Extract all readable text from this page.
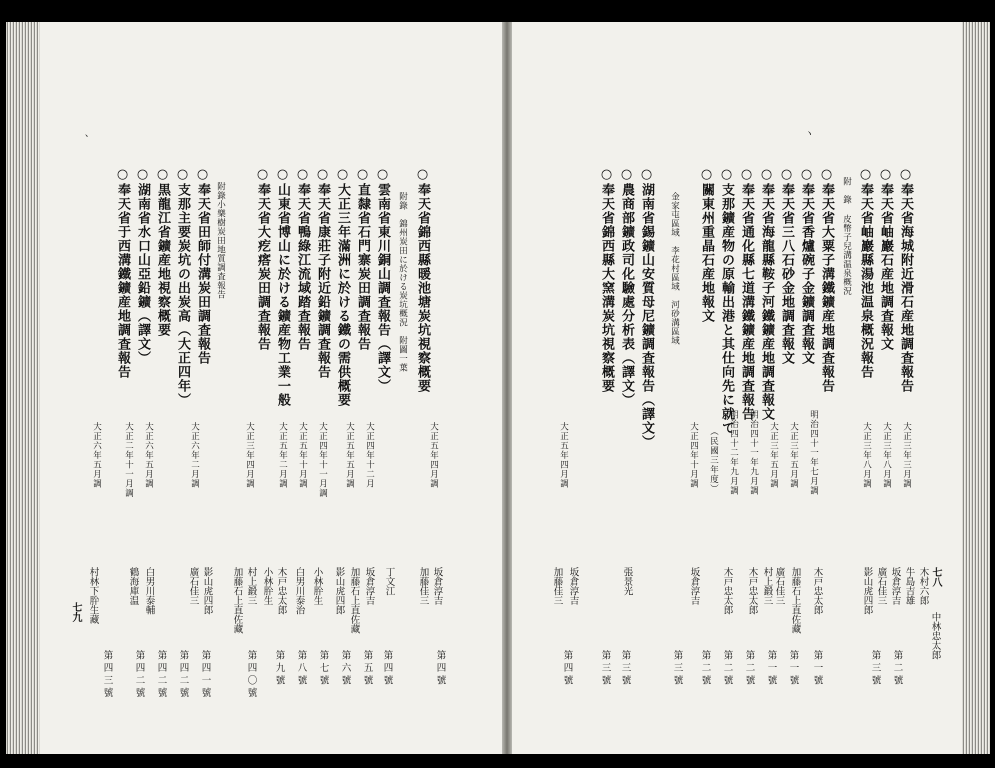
七八
ヽ
○奉天省海城附近滑石産地調査報告
○奉天省岫巖石産地調査報文
○奉天省岫巖縣湯池温泉概況報告
附　錄 皮幣子兒溝温泉概況
○奉天省大粟子溝鐵鑛産地調査報告
○奉天省香爐碗子金鑛調査報文
○奉天省三八石砂金地調査報文
○奉天省海龍縣鞍子河鐵鑛産地調査報文
○奉天省通化縣七道溝鐵鑛産地調査報告
○支那鑛産物の原輸出港と其仕向先に就て
○關東州重晶石産地報文
金家屯區域　李花村區域　河砂溝區域
○湖南省錫鑛山安質母尼鑛調査報告（譯文）
○農商部鑛政司化驗處分析表（譯文）
○奉天省錦西縣大窯溝炭坑視察概要
大正三年三月調
大正三年八月調
大正三年八月調
明治四十一年七月調
大正三年五月調
大正三年五月調
明治四十一年九月調
明治四十二年九月調
（民國三年度）
大正四年十月調
大正五年四月調
中林忠太郎
木村六郎
牛島吉雄
坂倉淳吉
廣石佳三
影山虎四郎
木戸忠太郎
加藤石上直佐藏
廣石佳三
村上鍛三
木戸忠太郎
木戸忠太郎
坂倉淳吉
張景光
坂倉淳吉
加藤佳三
第二號
第三號
第一號
第一號
第一號
第二號
第二號
第二號
第三號
第三號
第三號
第四號
七九
、
○奉天省錦西縣暖池塘炭坑視察概要
附錄　錦州炭田に於ける炭坑概況　附圖一葉
○雲南省東川銅山調査報告（譯文）
○直隸省石門寨炭田調査報告
○大正三年滿洲に於ける鐵の需供概要
○奉天省康莊子附近鉛鑛調査報告
○奉天省鴨綠江流域踏査報告
○山東省博山に於ける鑛産物工業一般
○奉天省大疙瘩炭田調査報告
附錄小樂樹炭田地質調査報告
○奉天省田師付溝炭田調査報告
○支那主要炭坑の出炭高（大正四年）
○黒龍江省鑛産地視察概要
○湖南省水口山亞鉛鑛（譯文）
○奉天省于西溝鐵鑛産地調査報告
大正五年四月調
大正四年十二月
大正五年五月調
大正四年十一月調
大正五年十月調
大正五年二月調
大正三年四月調
大正六年二月調
大正六年五月調
大正二年十一月調
大正六年五月調
坂倉淳吉
加藤佳三
丁文江
坂倉淳吉
加藤石上直佐藏
影山虎四郎
小林肸生
白男川泰治
木戸忠太郎
小林肸生
村上鍛三
加藤石上直佐藏
影山虎四郎
廣石佳三
白男川泰輔
鶴海庫温
村林下肸生藏
第四號
第四號
第五號
第六號
第七號
第八號
第九號
第四〇號
第四一號
第四二號
第四二號
第四二號
第四三號
